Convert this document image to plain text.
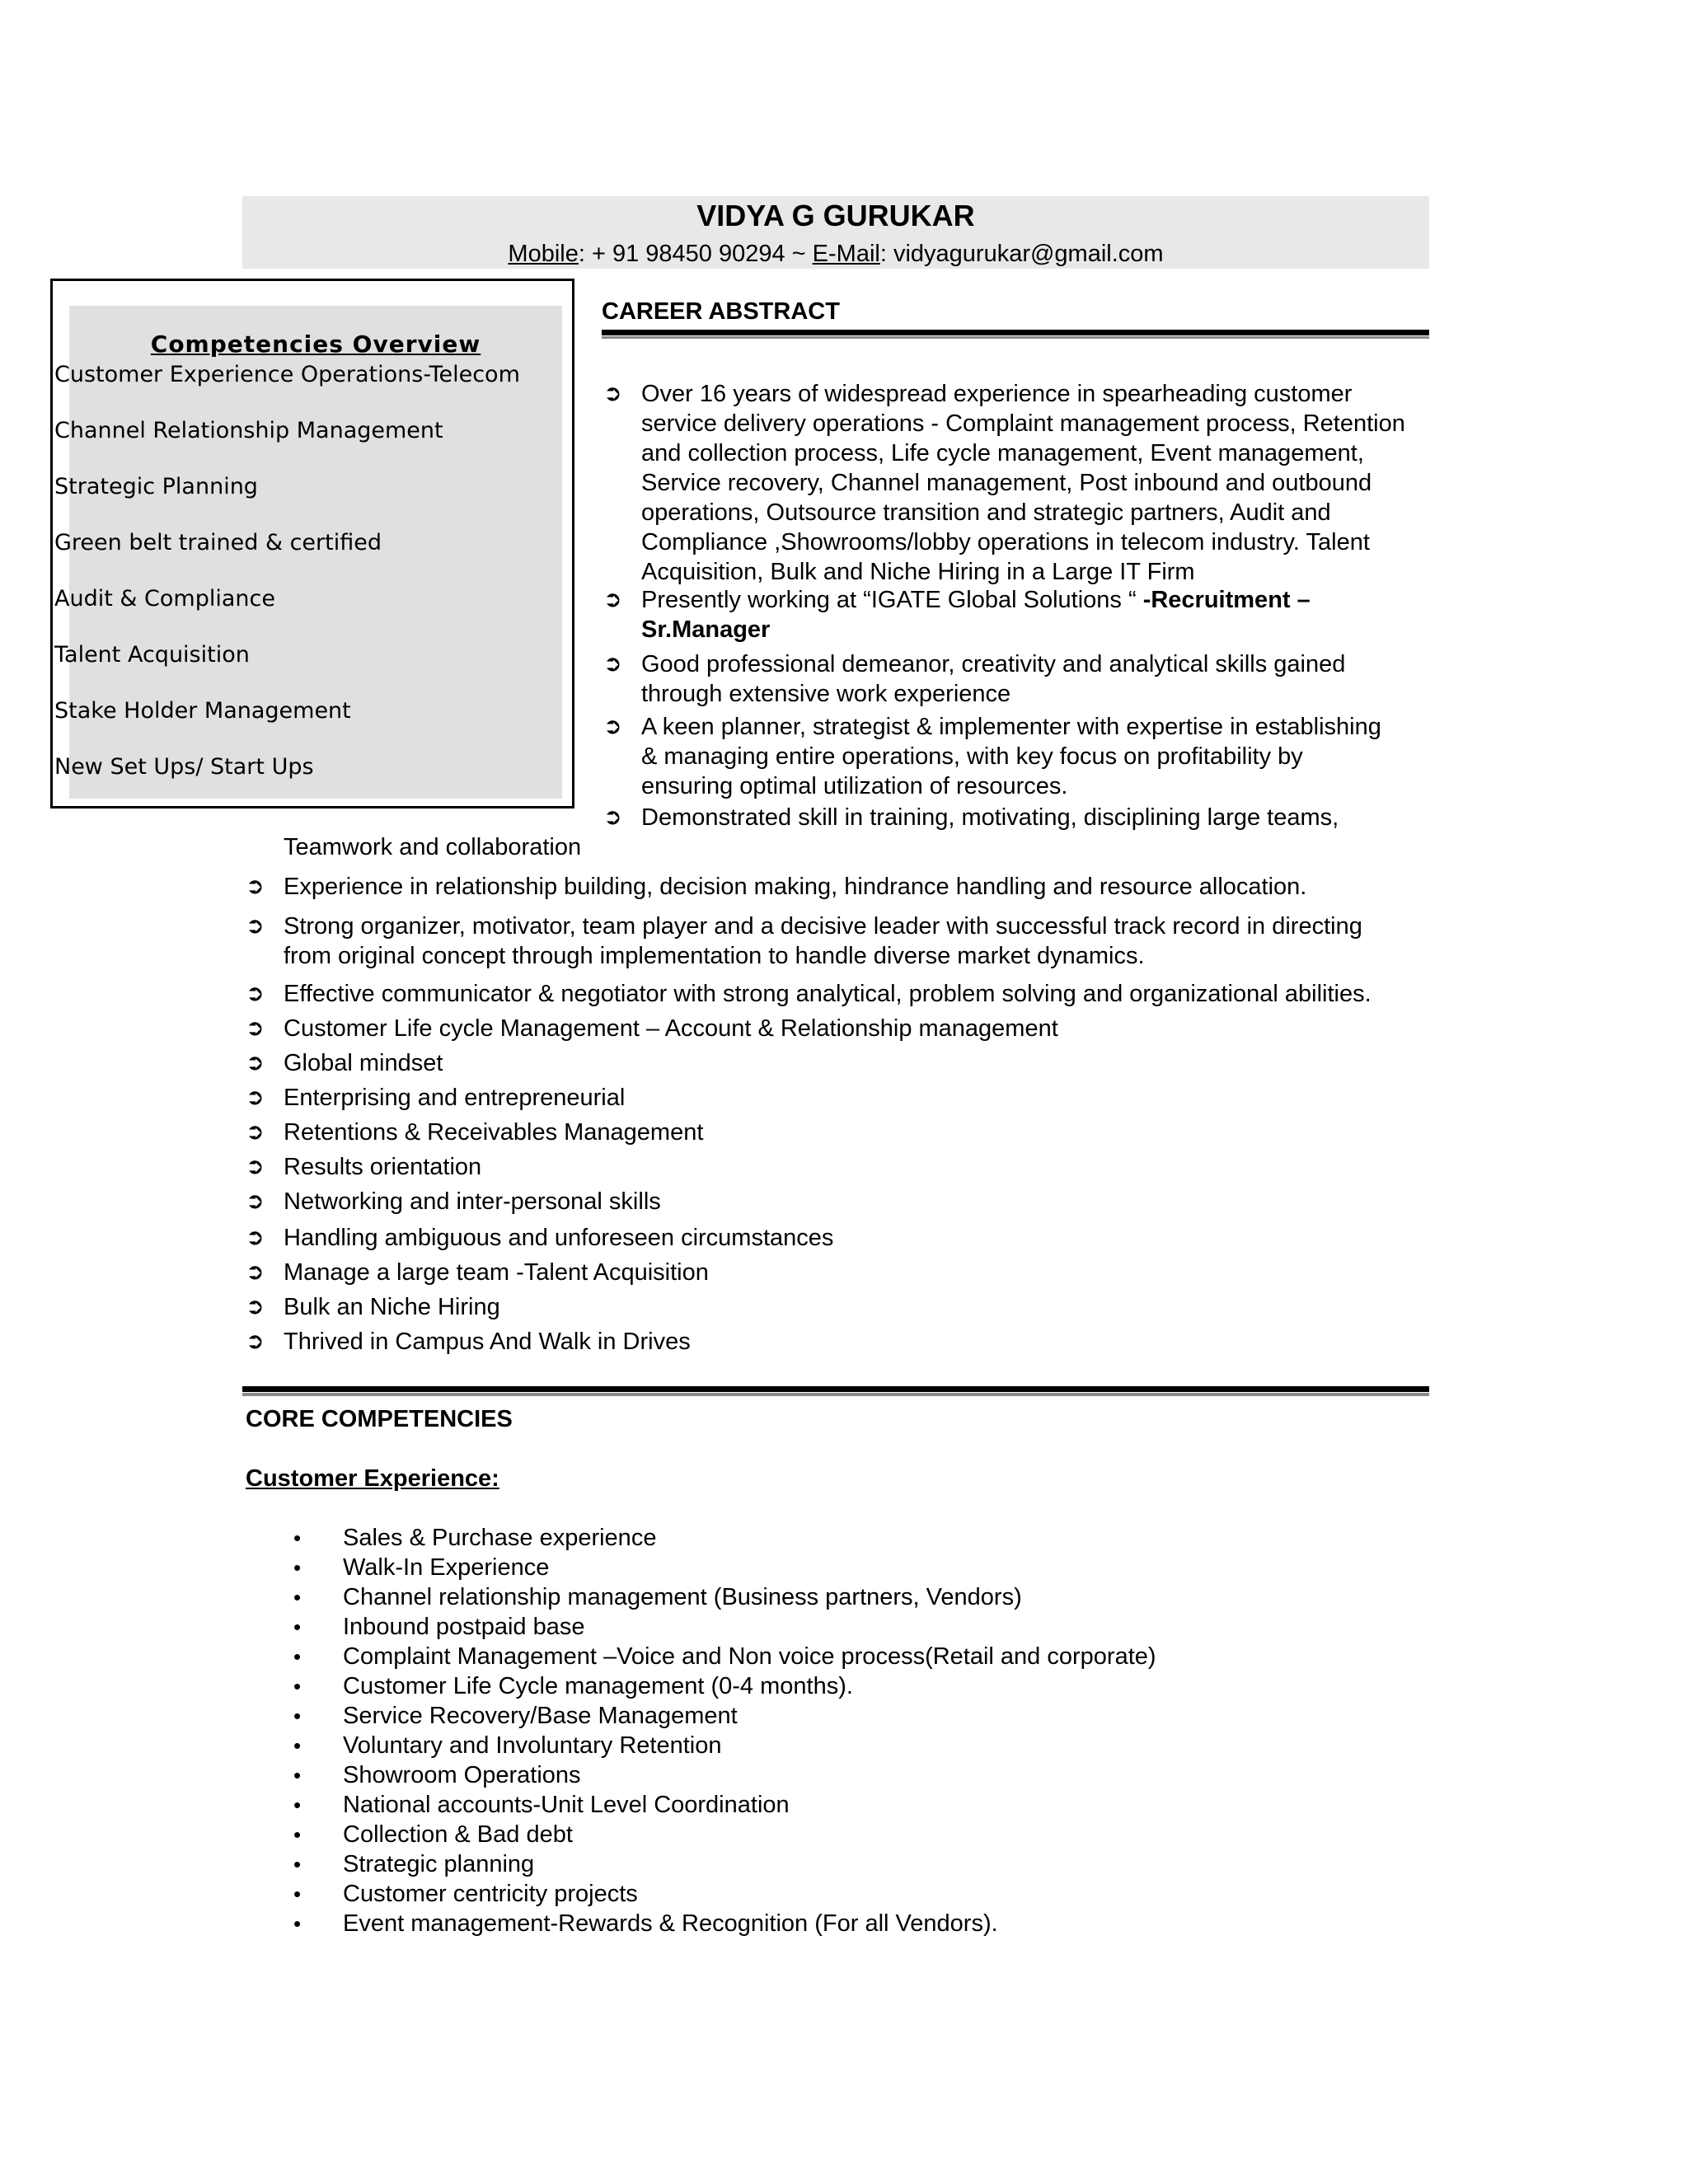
VIDYA G GURUKAR
Mobile: + 91 98450 90294 ~ E-Mail: vidyagurukar@gmail.com
Competencies Overview
Customer Experience Operations-Telecom
Channel Relationship Management
Strategic Planning
Green belt trained & certified
Audit & Compliance
Talent Acquisition
Stake Holder Management
New Set Ups/ Start Ups
CAREER ABSTRACT
➲ Over 16 years of widespread experience in spearheading customer
service delivery operations - Complaint management process, Retention
and collection process, Life cycle management, Event management,
Service recovery, Channel management, Post inbound and outbound
operations, Outsource transition and strategic partners, Audit and
Compliance ,Showrooms/lobby operations in telecom industry. Talent
Acquisition, Bulk and Niche Hiring in a Large IT Firm
➲ Presently working at “IGATE Global Solutions “ -Recruitment –
Sr.Manager
➲ Good professional demeanor, creativity and analytical skills gained
through extensive work experience
➲ A keen planner, strategist & implementer with expertise in establishing
& managing entire operations, with key focus on profitability by
ensuring optimal utilization of resources.
➲ Demonstrated skill in training, motivating, disciplining large teams,
Teamwork and collaboration
➲ Experience in relationship building, decision making, hindrance handling and resource allocation.
➲ Strong organizer, motivator, team player and a decisive leader with successful track record in directing
from original concept through implementation to handle diverse market dynamics.
➲ Effective communicator & negotiator with strong analytical, problem solving and organizational abilities.
➲ Customer Life cycle Management – Account & Relationship management
➲ Global mindset
➲ Enterprising and entrepreneurial
➲ Retentions & Receivables Management
➲ Results orientation
➲ Networking and inter-personal skills
➲ Handling ambiguous and unforeseen circumstances
➲ Manage a large team -Talent Acquisition
➲ Bulk an Niche Hiring
➲ Thrived in Campus And Walk in Drives
CORE COMPETENCIES
Customer Experience:
• Sales & Purchase experience
• Walk-In Experience
• Channel relationship management (Business partners, Vendors)
• Inbound postpaid base
• Complaint Management –Voice and Non voice process(Retail and corporate)
• Customer Life Cycle management (0-4 months).
• Service Recovery/Base Management
• Voluntary and Involuntary Retention
• Showroom Operations
• National accounts-Unit Level Coordination
• Collection & Bad debt
• Strategic planning
• Customer centricity projects
• Event management-Rewards & Recognition (For all Vendors).
